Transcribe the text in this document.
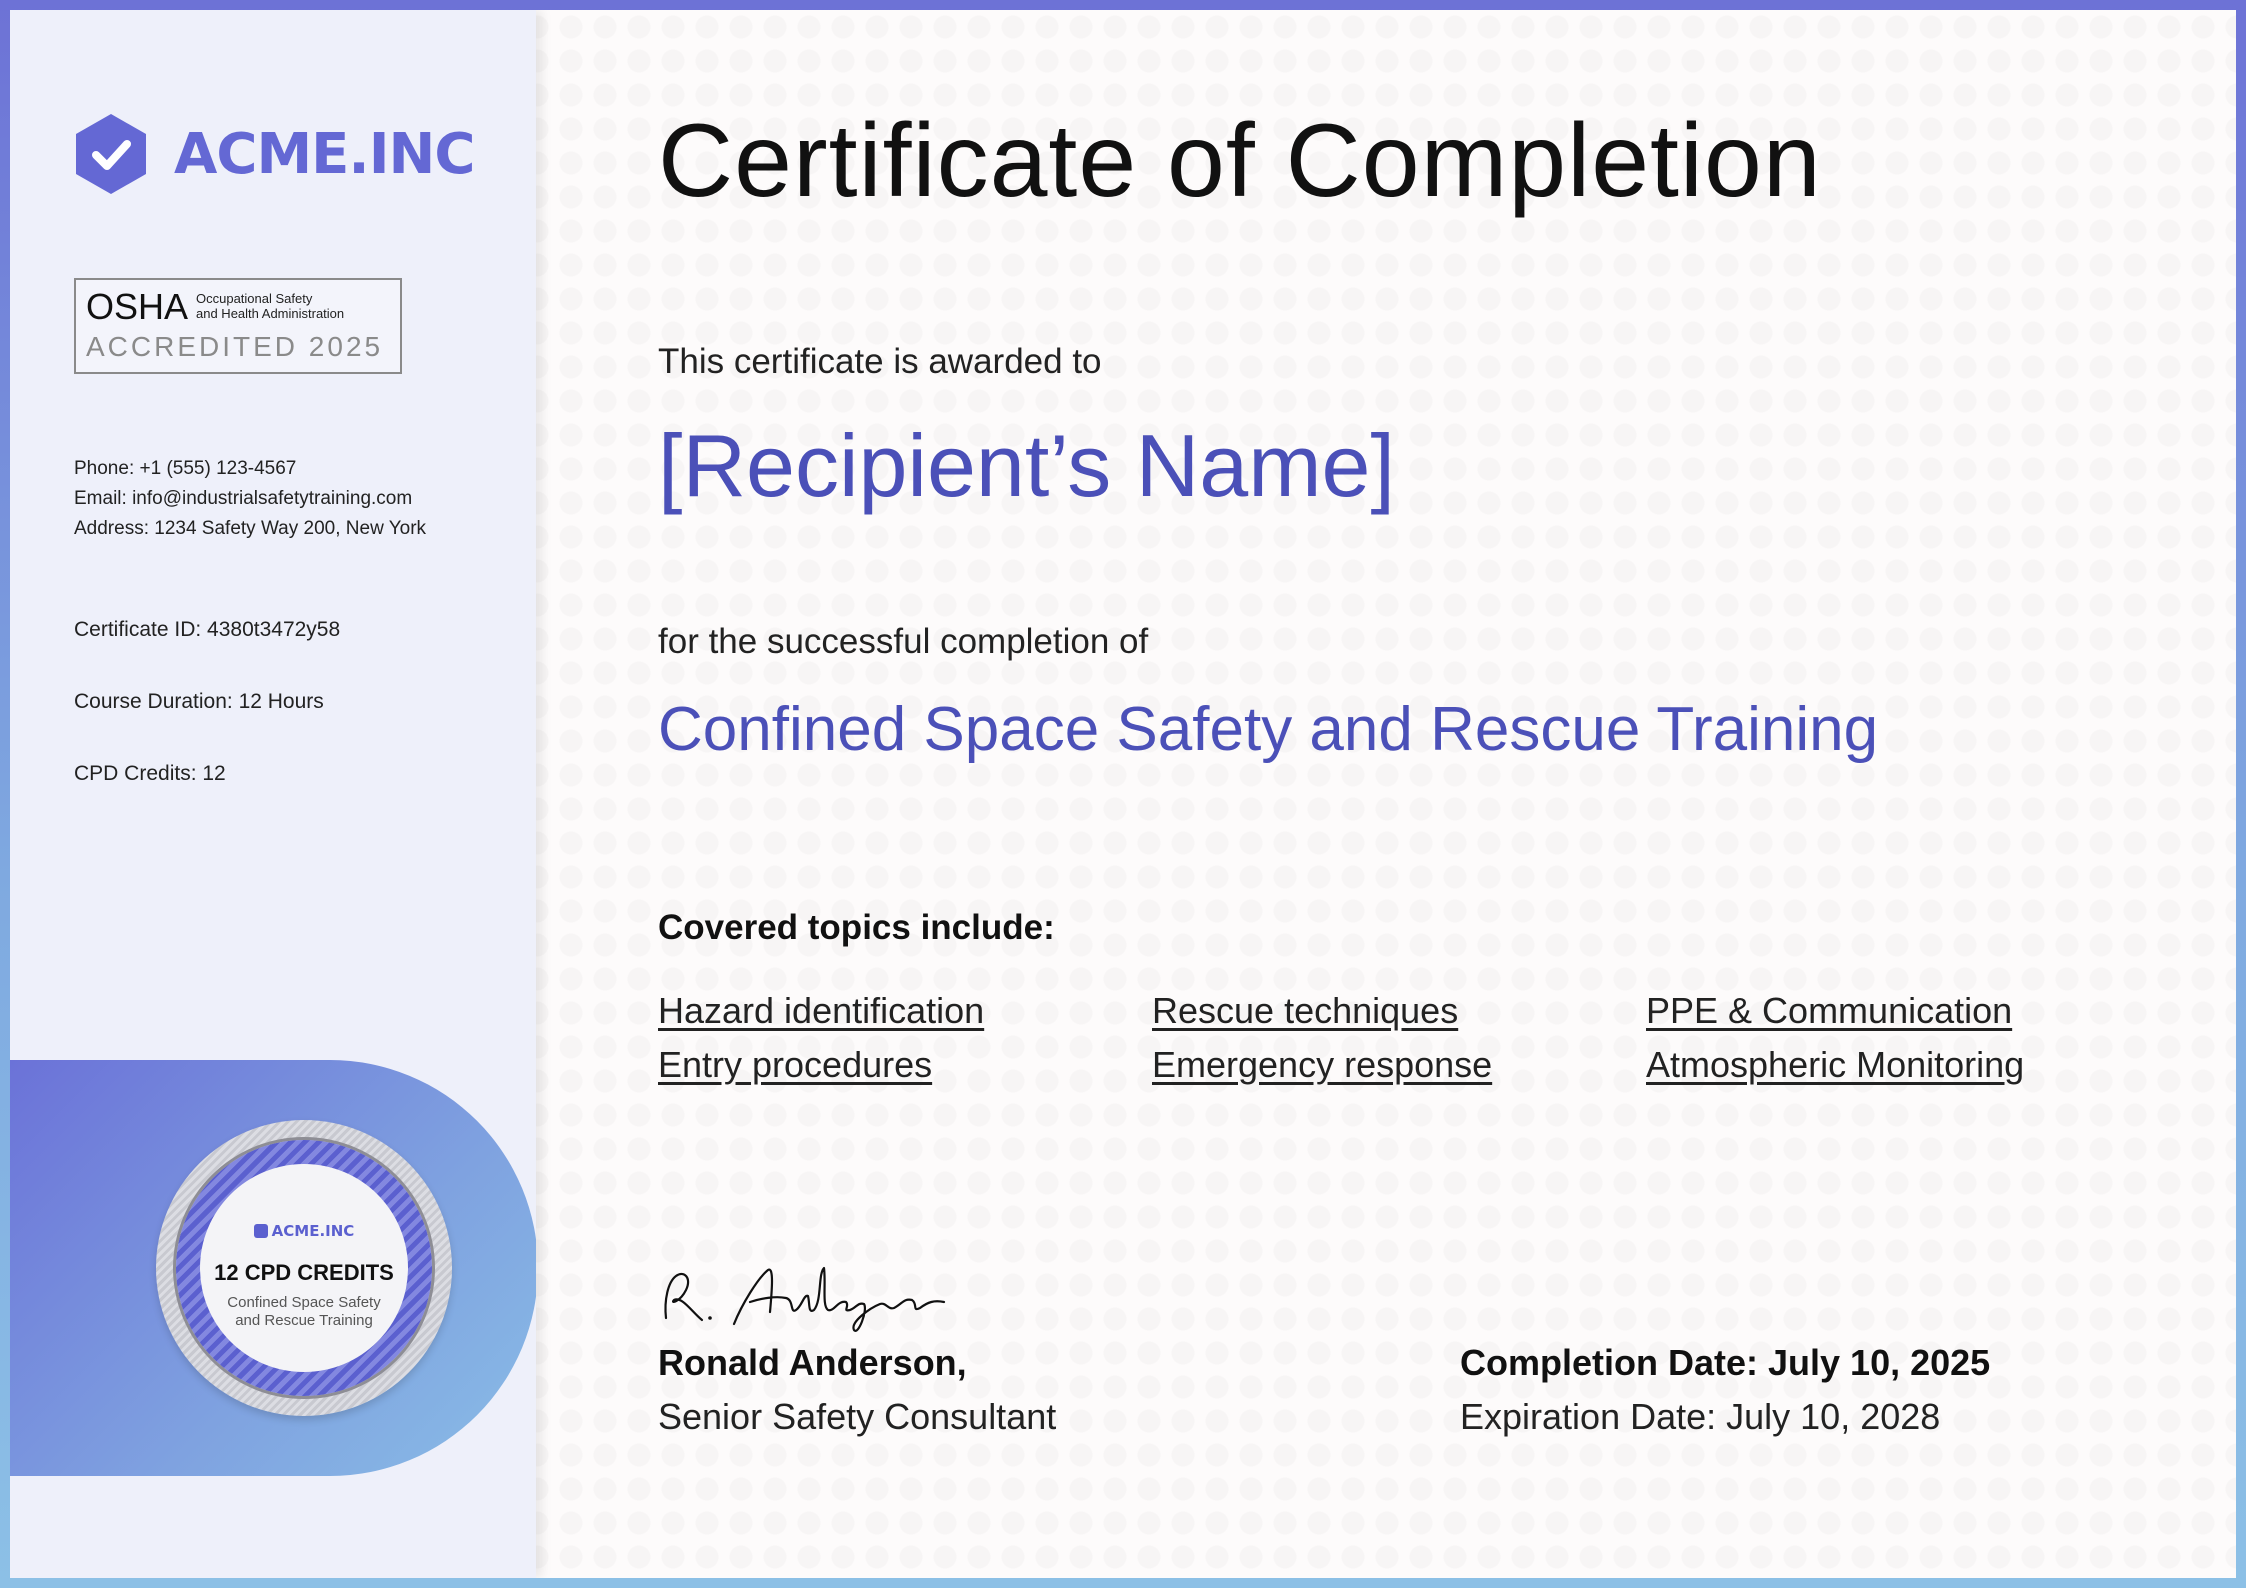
ACME.INC
OSHA Occupational Safety
and Health Administration
ACCREDITED 2025
Phone: +1 (555) 123-4567
Email: info@industrialsafetytraining.com
Address: 1234 Safety Way 200, New York
Certificate ID: 4380t3472y58
Course Duration: 12 Hours
CPD Credits: 12
ACME.INC
12 CPD CREDITS
Confined Space Safety
and Rescue Training
Certificate of Completion
This certificate is awarded to
[Recipient’s Name]
for the successful completion of
Confined Space Safety and Rescue Training
Covered topics include:
Hazard identification	Rescue techniques	PPE & Communication
Entry procedures	Emergency response	Atmospheric Monitoring
Ronald Anderson,
Senior Safety Consultant
Completion Date: July 10, 2025
Expiration Date: July 10, 2028
